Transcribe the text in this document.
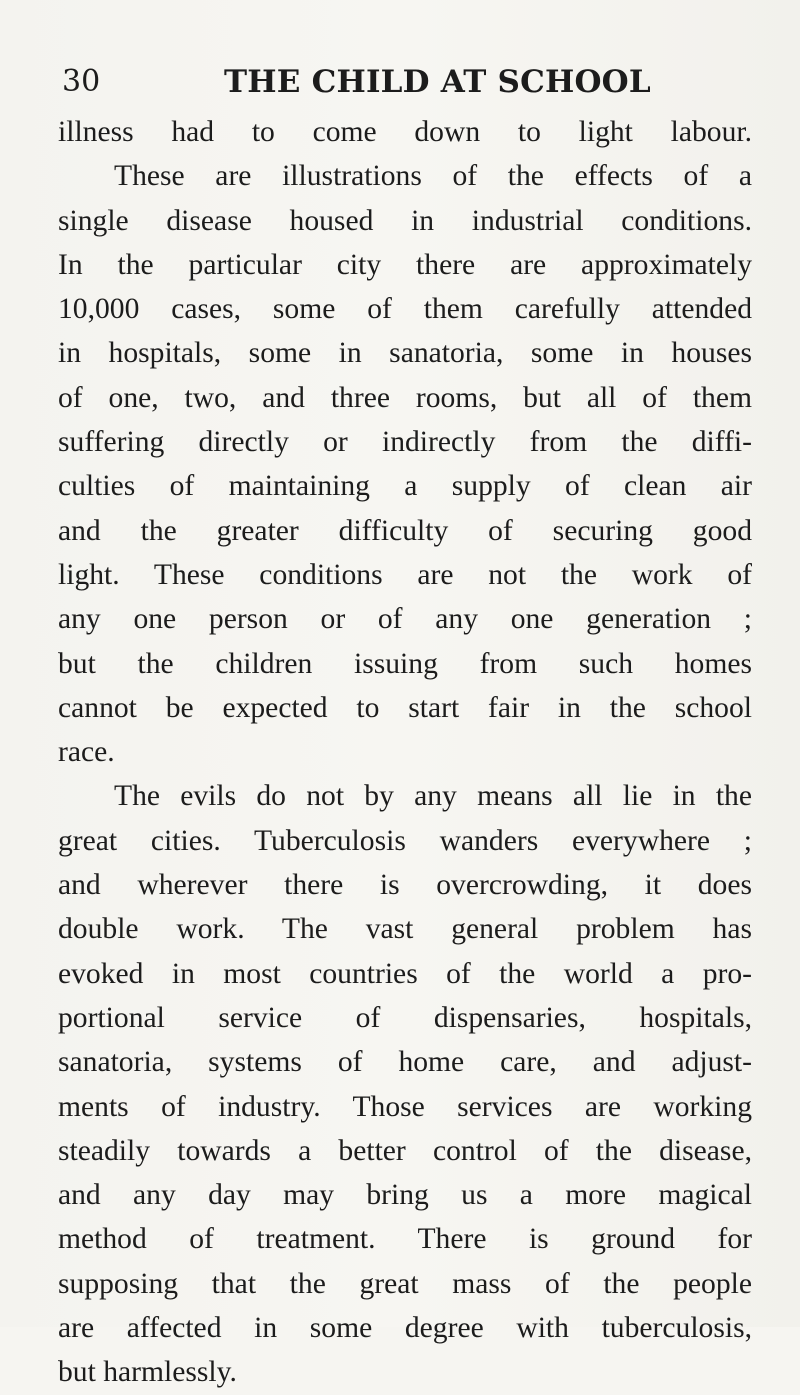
30	THE CHILD AT SCHOOL
illness had to come down to light labour.
These are illustrations of the effects of a
single disease housed in industrial conditions.
In the particular city there are approximately
10,000 cases, some of them carefully attended
in hospitals, some in sanatoria, some in houses
of one, two, and three rooms, but all of them
suffering directly or indirectly from the diffi-
culties of maintaining a supply of clean air
and the greater difficulty of securing good
light. These conditions are not the work of
any one person or of any one generation ;
but the children issuing from such homes
cannot be expected to start fair in the school
race.
The evils do not by any means all lie in the
great cities. Tuberculosis wanders everywhere ;
and wherever there is overcrowding, it does
double work. The vast general problem has
evoked in most countries of the world a pro-
portional service of dispensaries, hospitals,
sanatoria, systems of home care, and adjust-
ments of industry. Those services are working
steadily towards a better control of the disease,
and any day may bring us a more magical
method of treatment. There is ground for
supposing that the great mass of the people
are affected in some degree with tuberculosis,
but harmlessly.
